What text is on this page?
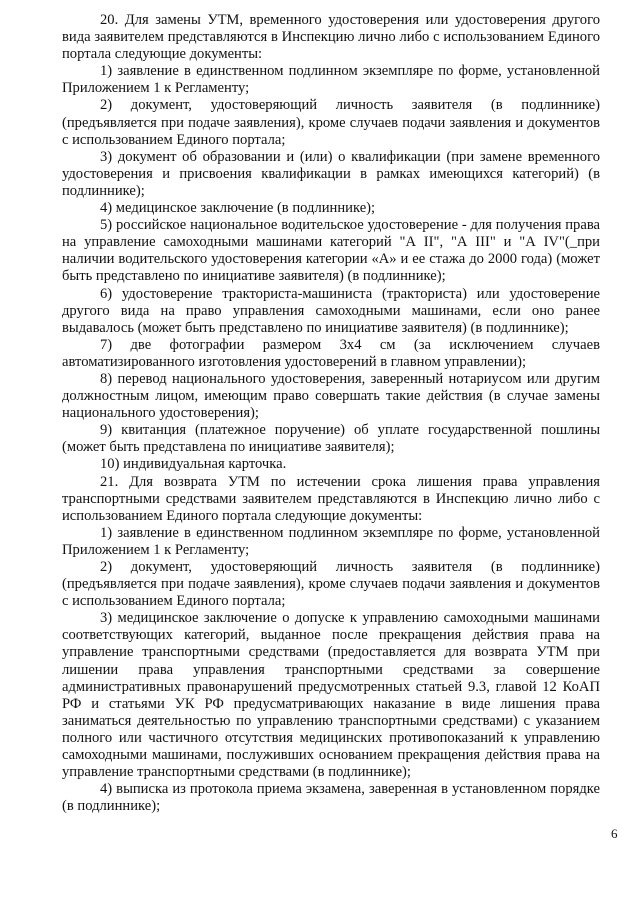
20. Для замены УТМ, временного удостоверения или удостоверения другого вида заявителем представляются в Инспекцию лично либо с использованием Единого портала следующие документы:

1) заявление в единственном подлинном экземпляре по форме, установленной Приложением 1 к Регламенту;

2) документ, удостоверяющий личность заявителя (в подлиннике) (предъявляется при подаче заявления), кроме случаев подачи заявления и документов с использованием Единого портала;

3) документ об образовании и (или) о квалификации (при замене временного удостоверения и присвоения квалификации в рамках имеющихся категорий) (в подлиннике);

4) медицинское заключение (в подлиннике);

5) российское национальное водительское удостоверение - для получения права на управление самоходными машинами категорий "А II", "А III" и "А IV"(_при наличии водительского удостоверения категории «А» и ее стажа до 2000 года) (может быть представлено по инициативе заявителя) (в подлиннике);

6) удостоверение тракториста-машиниста (тракториста) или удостоверение другого вида на право управления самоходными машинами, если оно ранее выдавалось (может быть представлено по инициативе заявителя) (в подлиннике);

7) две фотографии размером 3х4 см (за исключением случаев автоматизированного изготовления удостоверений в главном управлении);

8) перевод национального удостоверения, заверенный нотариусом или другим должностным лицом, имеющим право совершать такие действия (в случае замены национального удостоверения);

9) квитанция (платежное поручение) об уплате государственной пошлины (может быть представлена по инициативе заявителя);

10) индивидуальная карточка.

21. Для возврата УТМ по истечении срока лишения права управления транспортными средствами заявителем представляются в Инспекцию лично либо с использованием Единого портала следующие документы:

1) заявление в единственном подлинном экземпляре по форме, установленной Приложением 1 к Регламенту;

2) документ, удостоверяющий личность заявителя (в подлиннике) (предъявляется при подаче заявления), кроме случаев подачи заявления и документов с использованием Единого портала;

3) медицинское заключение о допуске к управлению самоходными машинами соответствующих категорий, выданное после прекращения действия права на управление транспортными средствами (предоставляется для возврата УТМ при лишении права управления транспортными средствами за совершение административных правонарушений предусмотренных статьей 9.3, главой 12 КоАП РФ и статьями УК РФ предусматривающих наказание в виде лишения права заниматься деятельностью по управлению транспортными средствами) с указанием полного или частичного отсутствия медицинских противопоказаний к управлению самоходными машинами, послуживших основанием прекращения действия права на управление транспортными средствами (в подлиннике);

4) выписка из протокола приема экзамена, заверенная в установленном порядке (в подлиннике);

6
